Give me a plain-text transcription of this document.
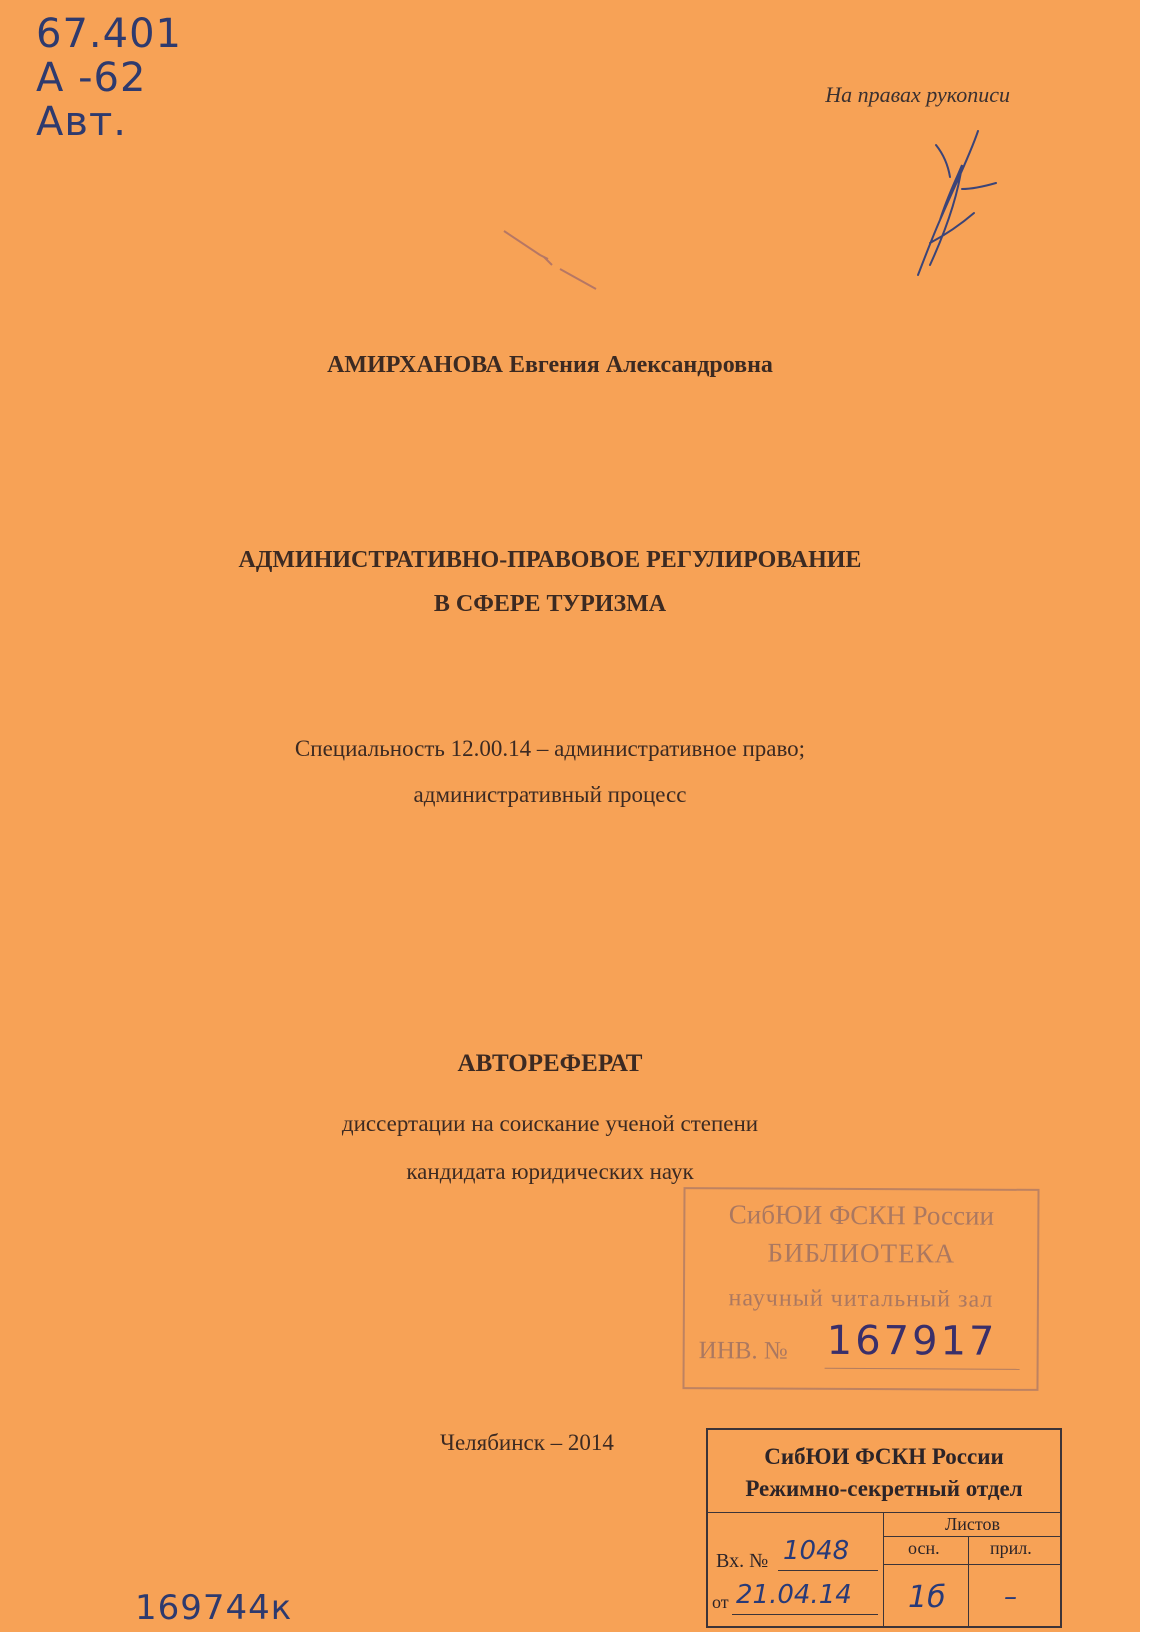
67.401
А -62
Авт.
На правах рукописи
АМИРХАНОВА Евгения Александровна
АДМИНИСТРАТИВНО-ПРАВОВОЕ РЕГУЛИРОВАНИЕ
В СФЕРЕ ТУРИЗМА
Специальность 12.00.14 – административное право;
административный процесс
АВТОРЕФЕРАТ
диссертации на соискание ученой степени
кандидата юридических наук
СибЮИ ФСКН России
БИБЛИОТЕКА
научный читальный зал
ИНВ. № 167917
Челябинск – 2014
СибЮИ ФСКН России
Режимно-секретный отдел
Листов
осн.	прил.
Вх. № 1048
от 21.04.14 1б –
169744к
